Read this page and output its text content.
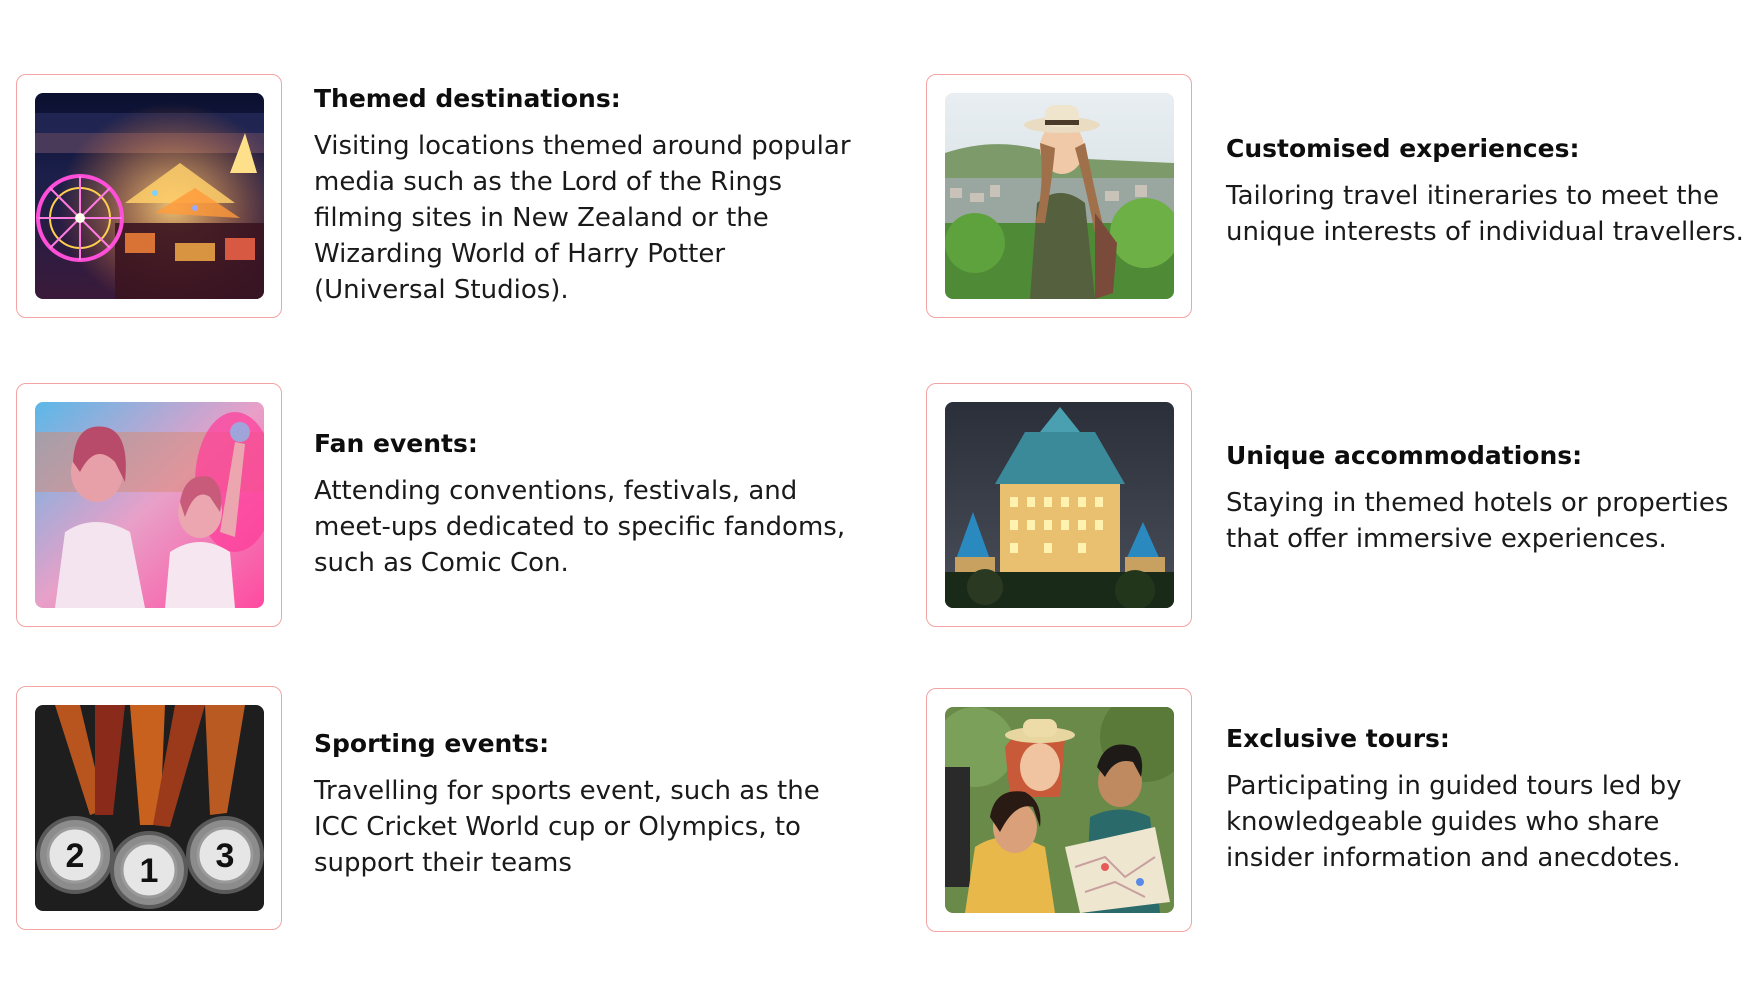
Themed destinations:

Visiting locations themed around popular media such as the Lord of the Rings filming sites in New Zealand or the Wizarding World of Harry Potter (Universal Studios).

Customised experiences:

Tailoring travel itineraries to meet the unique interests of individual travellers.

Fan events:

Attending conventions, festivals, and meet-ups dedicated to specific fandoms, such as Comic Con.

Unique accommodations:

Staying in themed hotels or properties that offer immersive experiences.

2 1 3

Sporting events:

Travelling for sports event, such as the ICC Cricket World cup or Olympics, to support their teams

Exclusive tours:

Participating in guided tours led by knowledgeable guides who share insider information and anecdotes.
